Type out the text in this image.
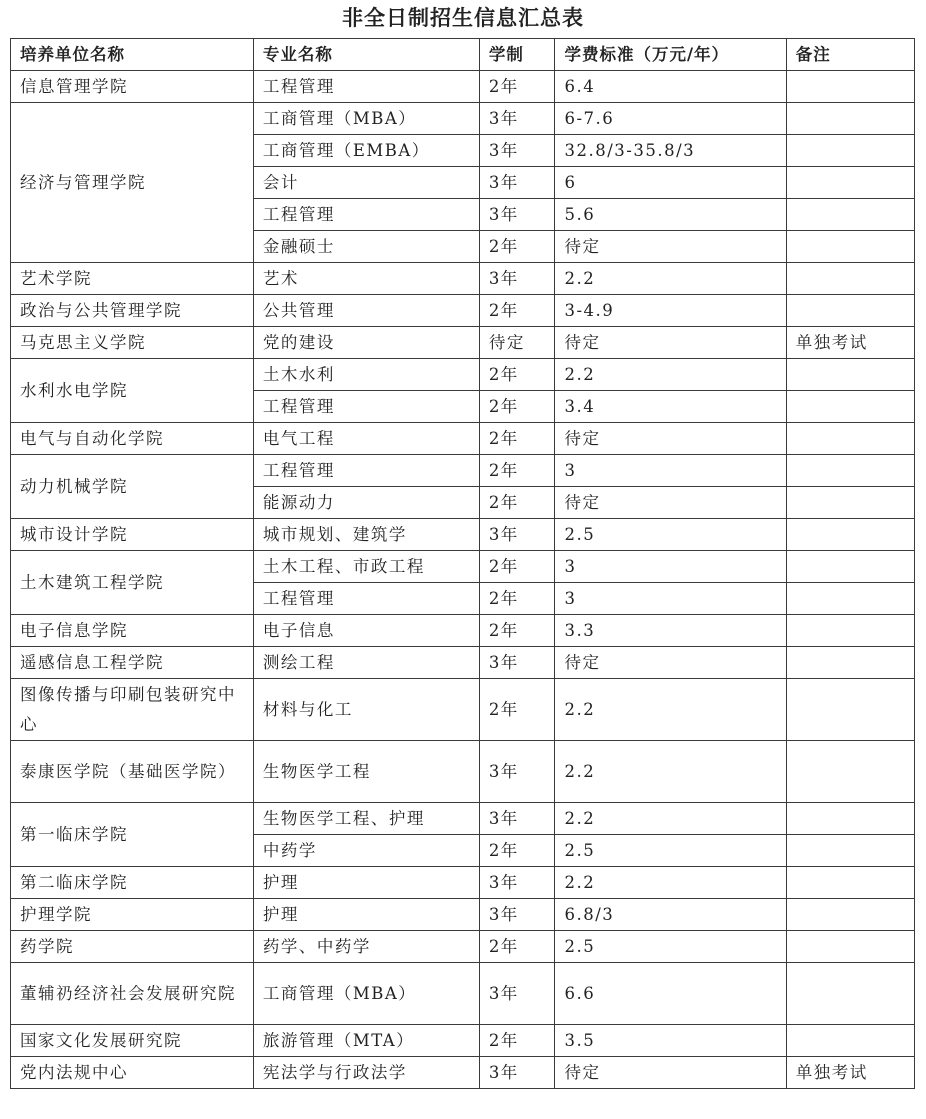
非全日制招生信息汇总表
培养单位名称	专业名称	学制	学费标准（万元/年）	备注
信息管理学院	工程管理	2年	6.4	
经济与管理学院	工商管理（MBA）	3年	6-7.6	
	工商管理（EMBA）	3年	32.8/3-35.8/3	
	会计	3年	6	
	工程管理	3年	5.6	
	金融硕士	2年	待定	
艺术学院	艺术	3年	2.2	
政治与公共管理学院	公共管理	2年	3-4.9	
马克思主义学院	党的建设	待定	待定	单独考试
水利水电学院	土木水利	2年	2.2	
	工程管理	2年	3.4	
电气与自动化学院	电气工程	2年	待定	
动力机械学院	工程管理	2年	3	
	能源动力	2年	待定	
城市设计学院	城市规划、建筑学	3年	2.5	
土木建筑工程学院	土木工程、市政工程	2年	3	
	工程管理	2年	3	
电子信息学院	电子信息	2年	3.3	
遥感信息工程学院	测绘工程	3年	待定	
图像传播与印刷包装研究中心	材料与化工	2年	2.2	
泰康医学院（基础医学院）	生物医学工程	3年	2.2	
第一临床学院	生物医学工程、护理	3年	2.2	
	中药学	2年	2.5	
第二临床学院	护理	3年	2.2	
护理学院	护理	3年	6.8/3	
药学院	药学、中药学	2年	2.5	
董辅礽经济社会发展研究院	工商管理（MBA）	3年	6.6	
国家文化发展研究院	旅游管理（MTA）	2年	3.5	
党内法规中心	宪法学与行政法学	3年	待定	单独考试
